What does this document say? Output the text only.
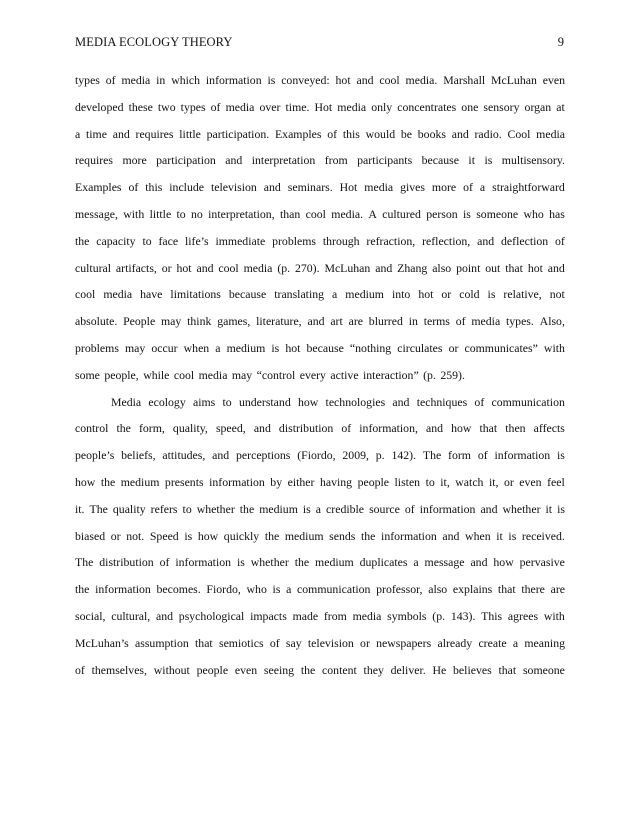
MEDIA ECOLOGY THEORY	9
types of media in which information is conveyed: hot and cool media. Marshall McLuhan even
developed these two types of media over time. Hot media only concentrates one sensory organ at
a time and requires little participation. Examples of this would be books and radio. Cool media
requires more participation and interpretation from participants because it is multisensory.
Examples of this include television and seminars. Hot media gives more of a straightforward
message, with little to no interpretation, than cool media. A cultured person is someone who has
the capacity to face life’s immediate problems through refraction, reflection, and deflection of
cultural artifacts, or hot and cool media (p. 270). McLuhan and Zhang also point out that hot and
cool media have limitations because translating a medium into hot or cold is relative, not
absolute. People may think games, literature, and art are blurred in terms of media types. Also,
problems may occur when a medium is hot because “nothing circulates or communicates” with
some people, while cool media may “control every active interaction” (p. 259).
Media ecology aims to understand how technologies and techniques of communication
control the form, quality, speed, and distribution of information, and how that then affects
people’s beliefs, attitudes, and perceptions (Fiordo, 2009, p. 142). The form of information is
how the medium presents information by either having people listen to it, watch it, or even feel
it. The quality refers to whether the medium is a credible source of information and whether it is
biased or not. Speed is how quickly the medium sends the information and when it is received.
The distribution of information is whether the medium duplicates a message and how pervasive
the information becomes. Fiordo, who is a communication professor, also explains that there are
social, cultural, and psychological impacts made from media symbols (p. 143). This agrees with
McLuhan’s assumption that semiotics of say television or newspapers already create a meaning
of themselves, without people even seeing the content they deliver. He believes that someone
